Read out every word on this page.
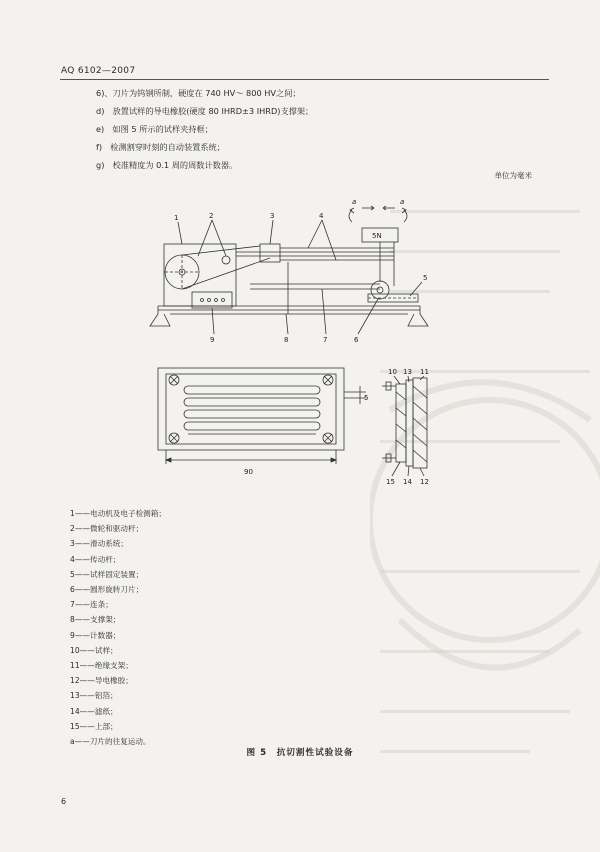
AQ 6102—2007
6)、刀片为钨钢所制，硬度在 740 HV～ 800 HV之间；
d)　放置试样的导电橡胶(硬度 80 IHRD±3 IHRD)支撑架；
e)　如图 5 所示的试样夹持框；
f)　检测割穿时刻的自动装置系统；
g)　校准精度为 0.1 周的周数计数器。
单位为毫米
1	2	3	4
9	8	7	6
5
5N
a	a
90
5
10 13 11
15 14 12
1——电动机及电子检测箱；
2——微轮和驱动杆；
3——滑动系统；
4——传动杆；
5——试样固定装置；
6——圆形旋转刀片；
7——连条；
8——支撑架；
9——计数器；
10——试样；
11——绝缘支架；
12——导电橡胶；
13——铝箔；
14——滤纸；
15——上部；
a——刀片的往复运动。
图 5　抗切割性试验设备
6
